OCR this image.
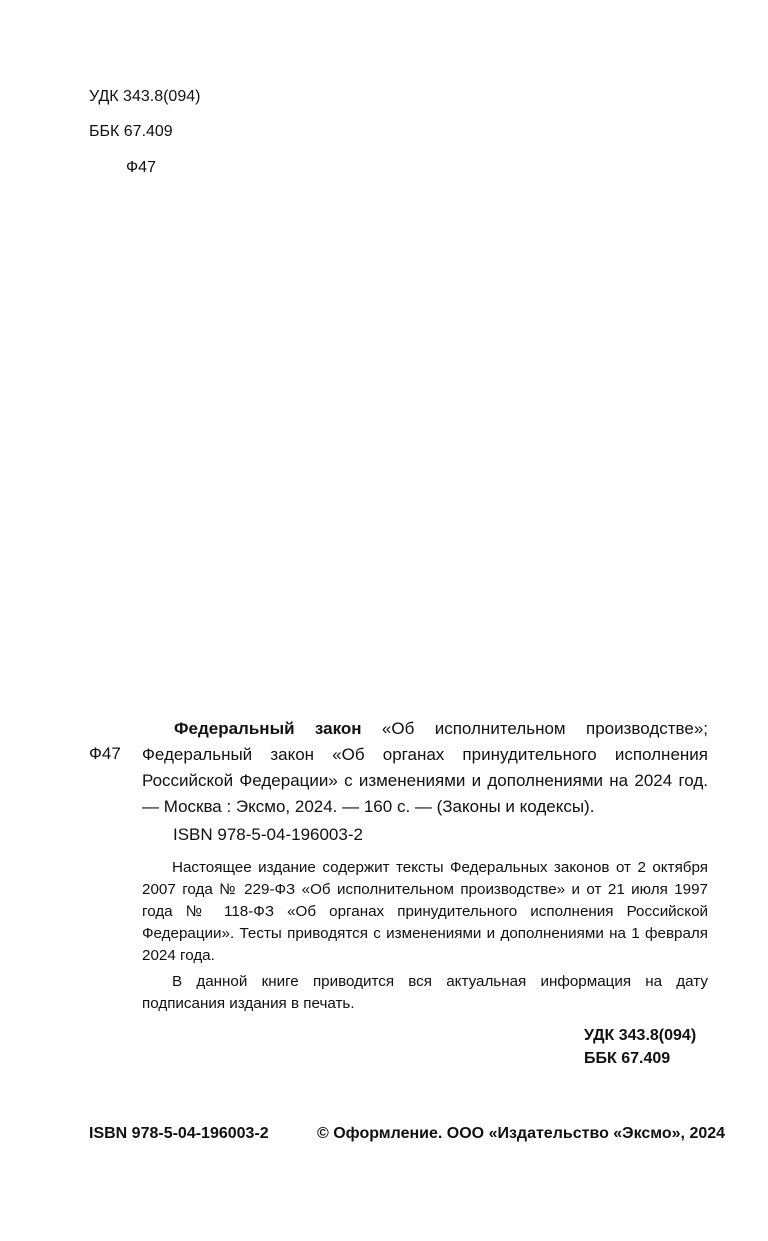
УДК 343.8(094)
ББК 67.409
Ф47
Ф47
Федеральный закон «Об исполнительном производстве»; Федеральный закон «Об органах принудительного исполнения Российской Федерации» с изменениями и дополнениями на 2024 год. — Москва : Эксмо, 2024. — 160 с. — (Законы и кодексы).
ISBN 978-5-04-196003-2
Настоящее издание содержит тексты Федеральных законов от 2 октября 2007 года № 229-ФЗ «Об исполнительном производстве» и от 21 июля 1997 года № 118-ФЗ «Об органах принудительного исполнения Российской Федерации». Тесты приводятся с изменениями и дополнениями на 1 февраля 2024 года.
В данной книге приводится вся актуальная информация на дату подписания издания в печать.
УДК 343.8(094)
ББК 67.409
ISBN 978-5-04-196003-2	© Оформление. ООО «Издательство «Эксмо», 2024
